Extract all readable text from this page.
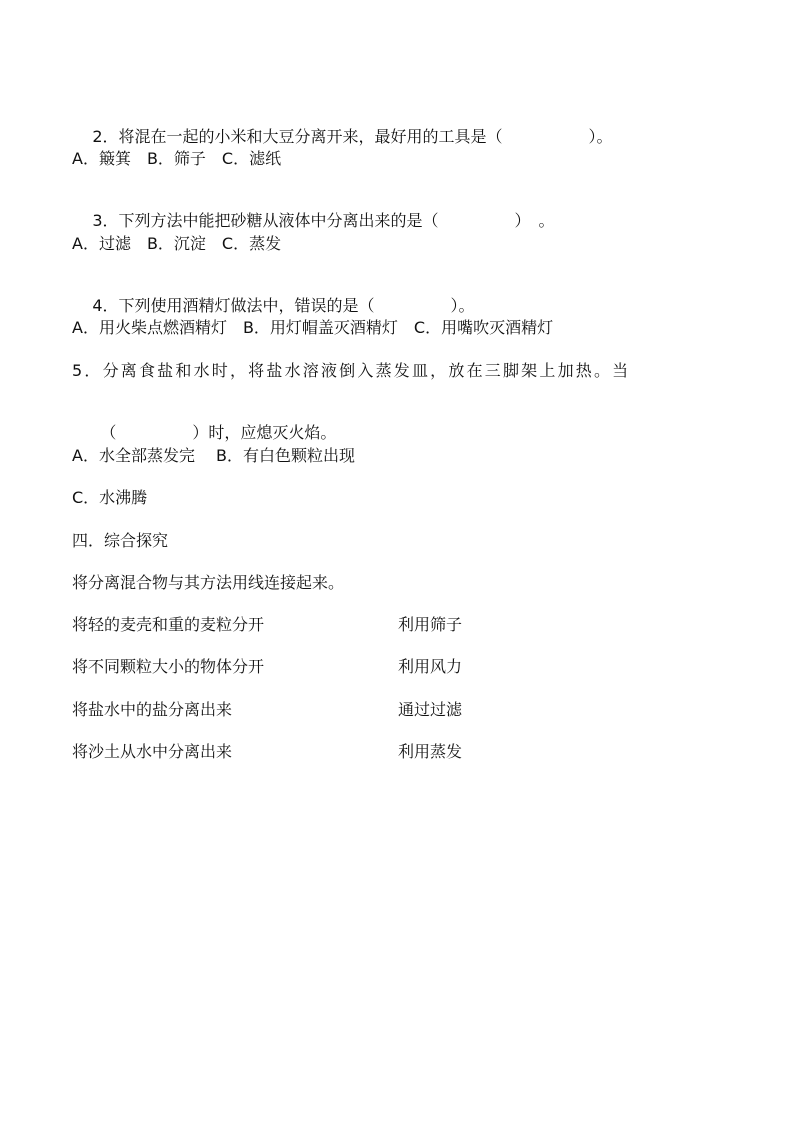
2．将混在一起的小米和大豆分离开来，最好用的工具是（	）。

A．簸箕　B．筛子　C．滤纸

3．下列方法中能把砂糖从液体中分离出来的是（	）　。

A．过滤　B．沉淀　C．蒸发

4．下列使用酒精灯做法中，错误的是（	）。

A．用火柴点燃酒精灯　B．用灯帽盖灭酒精灯　C．用嘴吹灭酒精灯
5．分离食盐和水时，将盐水溶液倒入蒸发皿，放在三脚架上加热。当

（	）时，应熄灭火焰。

A．水全部蒸发完　 B．有白色颗粒出现
C．水沸腾
四．综合探究
将分离混合物与其方法用线连接起来。
将轻的麦壳和重的麦粒分开	利用筛子
将不同颗粒大小的物体分开	利用风力
将盐水中的盐分离出来	通过过滤
将沙土从水中分离出来	利用蒸发
